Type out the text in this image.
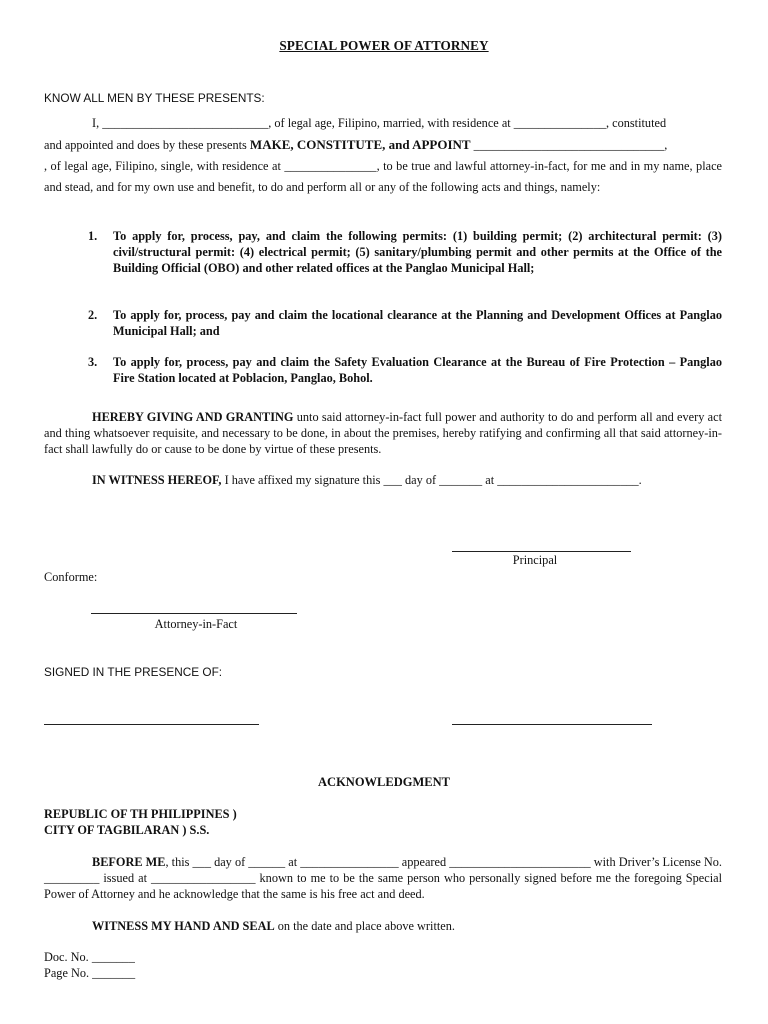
SPECIAL POWER OF ATTORNEY

KNOW ALL MEN BY THESE PRESENTS:

I, ___________________________, of legal age, Filipino, married, with residence at _______________, constituted
and appointed and does by these presents MAKE, CONSTITUTE, and APPOINT _______________________________,
, of legal age, Filipino, single, with residence at _______________, to be true and lawful attorney-in-fact, for me and in my name, place and stead, and for my own use and benefit, to do and perform all or any of the following acts and things, namely:
1. To apply for, process, pay, and claim the following permits: (1) building permit; (2) architectural permit: (3) civil/structural permit: (4) electrical permit; (5) sanitary/plumbing permit and other permits at the Office of the Building Official (OBO) and other related offices at the Panglao Municipal Hall;
2. To apply for, process, pay and claim the locational clearance at the Planning and Development Offices at Panglao Municipal Hall; and
3. To apply for, process, pay and claim the Safety Evaluation Clearance at the Bureau of Fire Protection – Panglao Fire Station located at Poblacion, Panglao, Bohol.
HEREBY GIVING AND GRANTING unto said attorney-in-fact full power and authority to do and perform all and every act and thing whatsoever requisite, and necessary to be done, in about the premises, hereby ratifying and confirming all that said attorney-in-fact shall lawfully do or cause to be done by virtue of these presents.
IN WITNESS HEREOF, I have affixed my signature this ___ day of _______ at _______________________.
Principal

Conforme:

Attorney-in-Fact

SIGNED IN THE PRESENCE OF:

ACKNOWLEDGMENT
REPUBLIC OF TH PHILIPPINES )
CITY OF TAGBILARAN ) S.S.
BEFORE ME, this ___ day of ______ at ________________ appeared _______________________ with Driver’s License No. _________ issued at _________________ known to me to be the same person who personally signed before me the foregoing Special Power of Attorney and he acknowledge that the same is his free act and deed.
WITNESS MY HAND AND SEAL on the date and place above written.
Doc. No. _______
Page No. _______
